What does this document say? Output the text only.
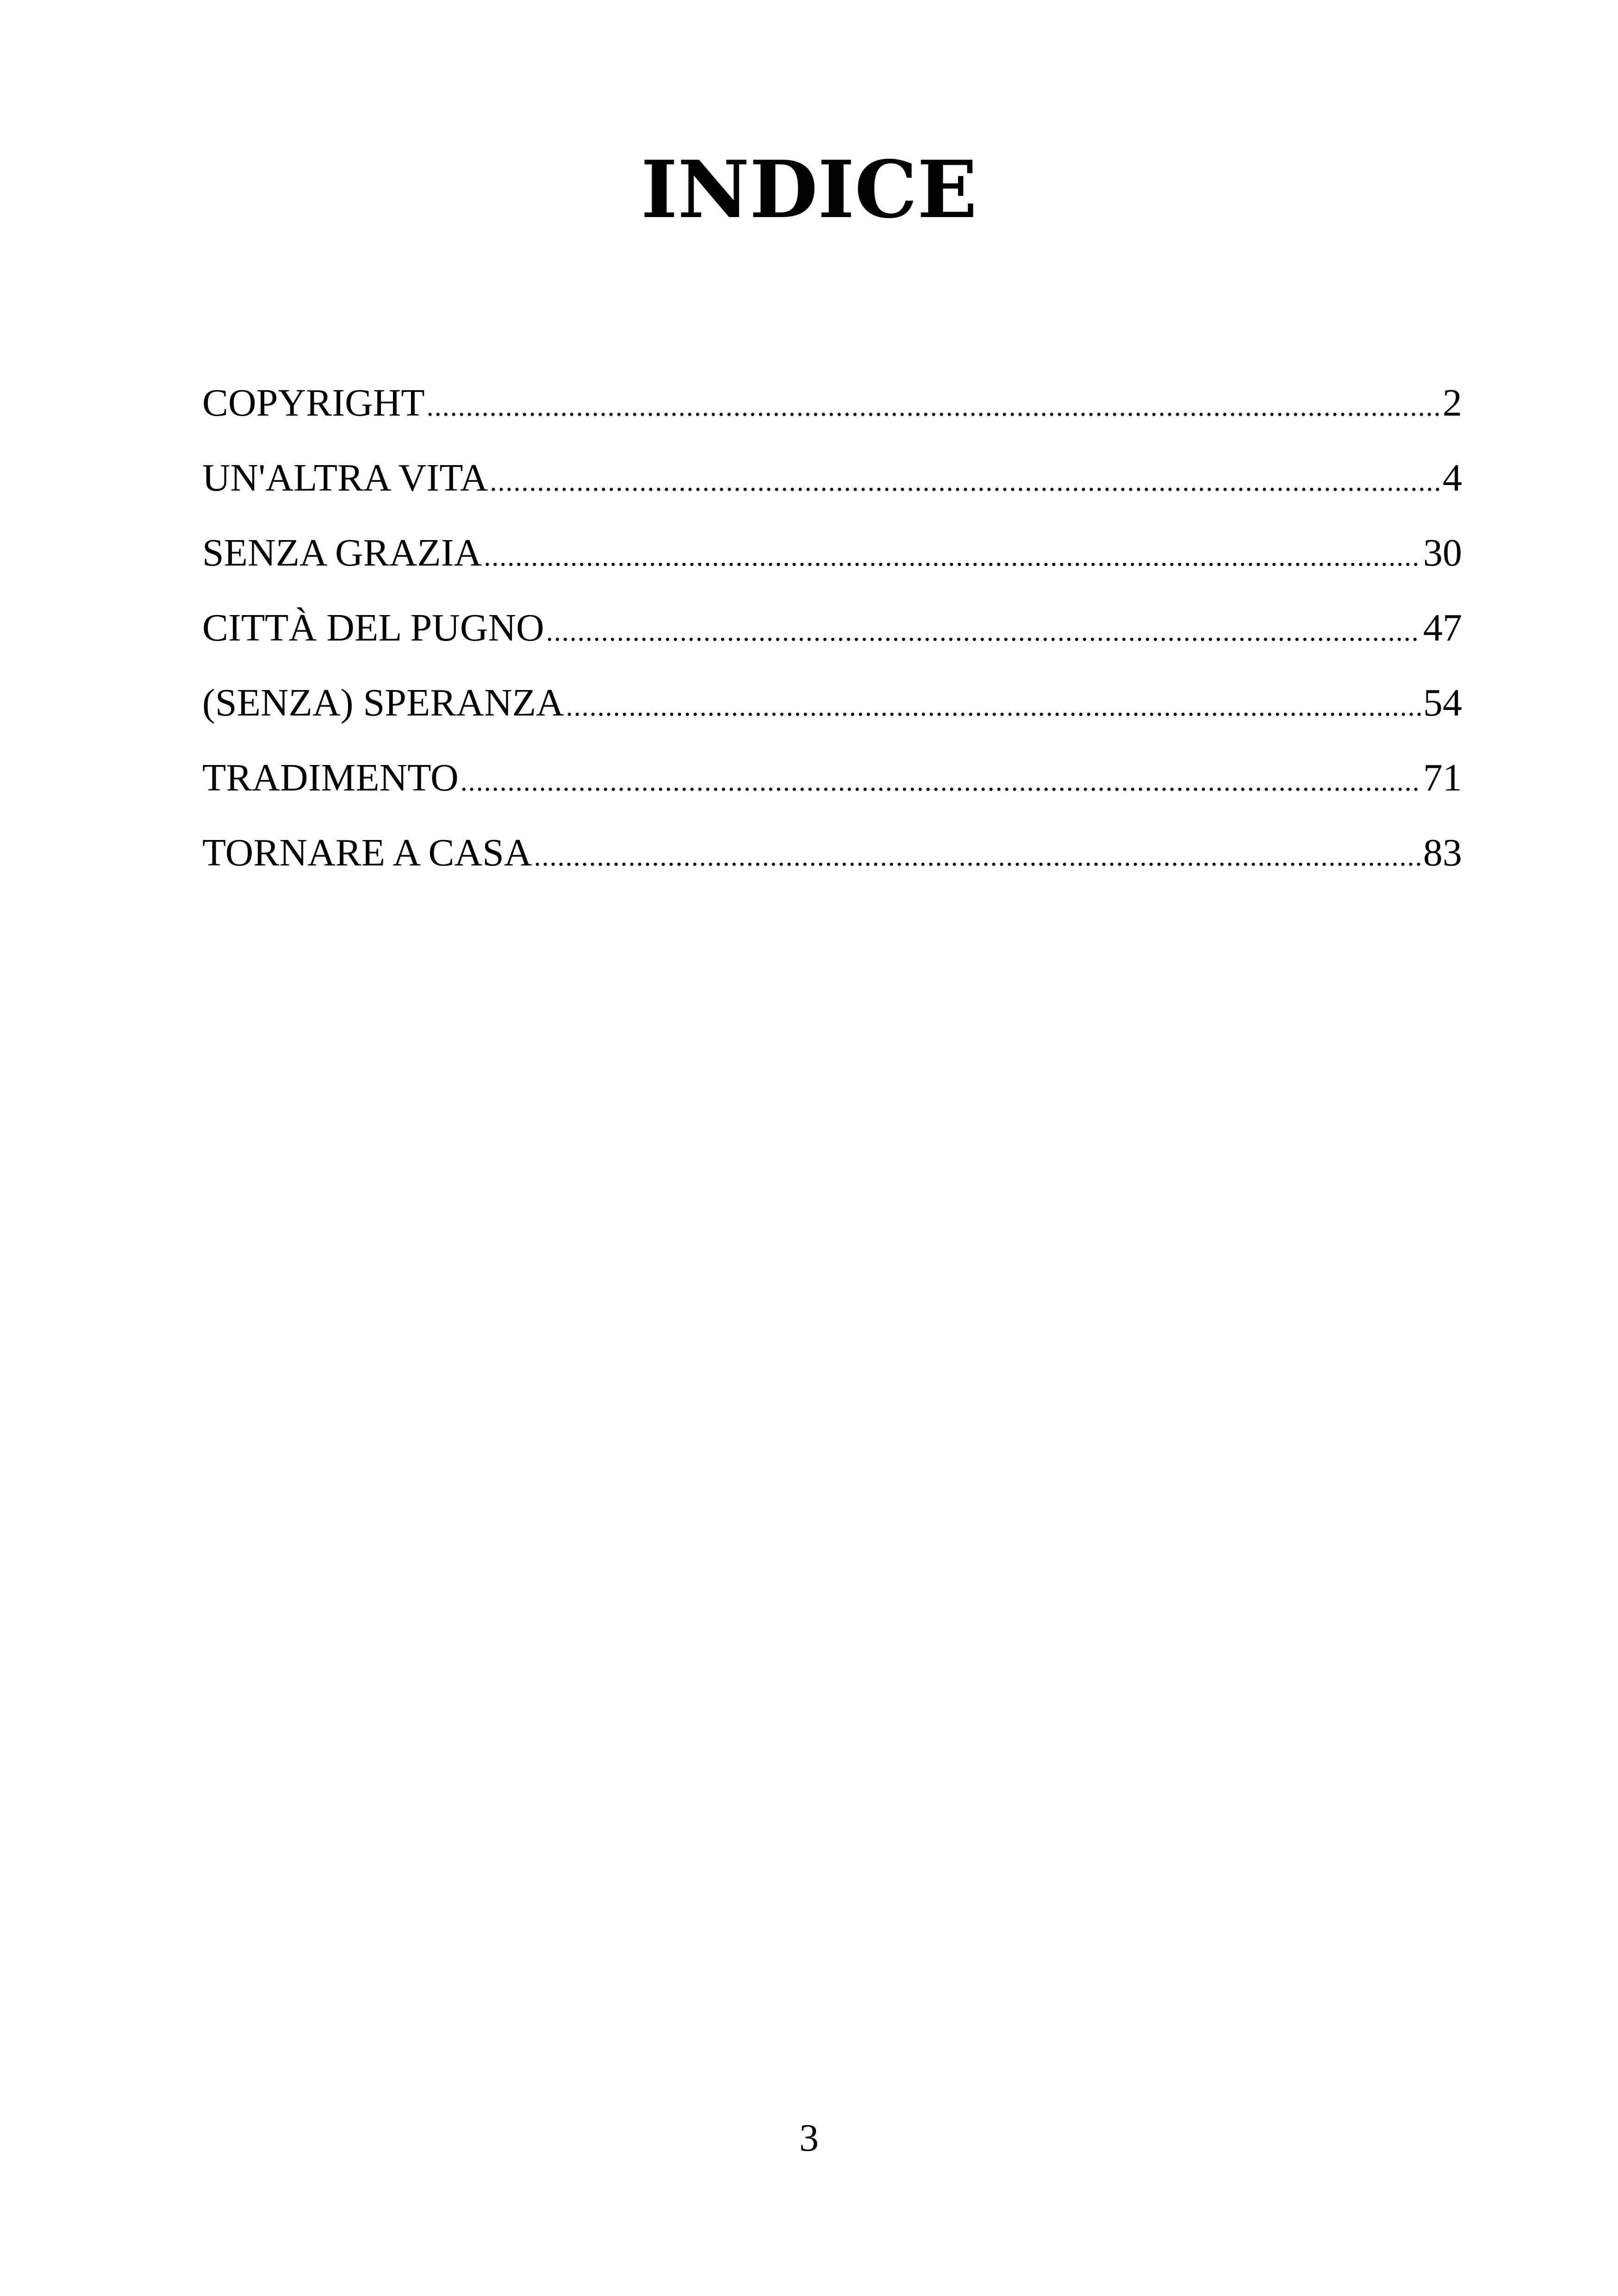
INDICE
COPYRIGHT .....	2
UN'ALTRA VITA .....	4
SENZA GRAZIA .....	30
CITTÀ DEL PUGNO .....	47
(SENZA) SPERANZA .....	54
TRADIMENTO .....	71
TORNARE A CASA .....	83
3
